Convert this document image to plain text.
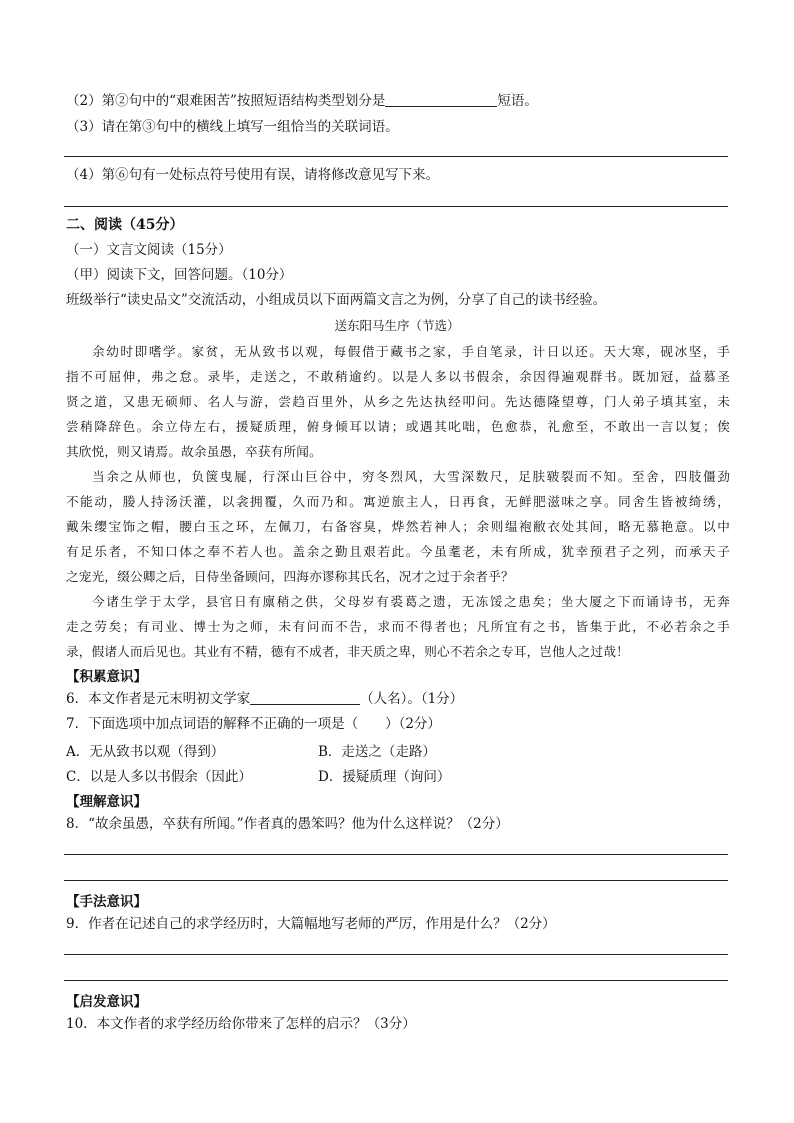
（2）第②句中的“艰难困苦”按照短语结构类型划分是	短语。
（3）请在第③句中的横线上填写一组恰当的关联词语。
（4）第⑥句有一处标点符号使用有误，请将修改意见写下来。
二、阅读（45分）
（一）文言文阅读（15分）
（甲）阅读下文，回答问题。（10分）
班级举行“读史品文”交流活动，小组成员以下面两篇文言之为例，分享了自己的读书经验。
送东阳马生序（节选）
余幼时即嗜学。家贫，无从致书以观，每假借于藏书之家，手自笔录，计日以还。天大寒，砚冰坚，手
指不可屈伸，弗之怠。录毕，走送之，不敢稍逾约。以是人多以书假余，余因得遍观群书。既加冠，益慕圣
贤之道，又患无硕师、名人与游，尝趋百里外，从乡之先达执经叩问。先达德隆望尊，门人弟子填其室，未
尝稍降辞色。余立侍左右，援疑质理，俯身倾耳以请；或遇其叱咄，色愈恭，礼愈至，不敢出一言以复；俟
其欣悦，则又请焉。故余虽愚，卒获有所闻。
当余之从师也，负箧曳屣，行深山巨谷中，穷冬烈风，大雪深数尺，足肤皲裂而不知。至舍，四肢僵劲
不能动，媵人持汤沃灌，以衾拥覆，久而乃和。寓逆旅主人，日再食，无鲜肥滋味之享。同舍生皆被绮绣，
戴朱缨宝饰之帽，腰白玉之环，左佩刀，右备容臭，烨然若神人；余则缊袍敝衣处其间，略无慕艳意。以中
有足乐者，不知口体之奉不若人也。盖余之勤且艰若此。今虽耄老，未有所成，犹幸预君子之列，而承天子
之宠光，缀公卿之后，日侍坐备顾问，四海亦谬称其氏名，况才之过于余者乎？
今诸生学于太学，县官日有廪稍之供，父母岁有裘葛之遗，无冻馁之患矣；坐大厦之下而诵诗书，无奔
走之劳矣；有司业、博士为之师，未有问而不告，求而不得者也；凡所宜有之书，皆集于此，不必若余之手
录，假诸人而后见也。其业有不精，德有不成者，非天质之卑，则心不若余之专耳，岂他人之过哉！
【积累意识】
6．本文作者是元末明初文学家	（人名）。（1分）
7．下面选项中加点词语的解释不正确的一项是（　　）（2分）
A．无从致书以观（得到）	B．走送之（走路）
C．以是人多以书假余（因此）	D．援疑质理（询问）
【理解意识】
8．“故余虽愚，卒获有所闻。”作者真的愚笨吗？他为什么这样说？（2分）
【手法意识】
9．作者在记述自己的求学经历时，大篇幅地写老师的严厉，作用是什么？（2分）
【启发意识】
10．本文作者的求学经历给你带来了怎样的启示？（3分）
